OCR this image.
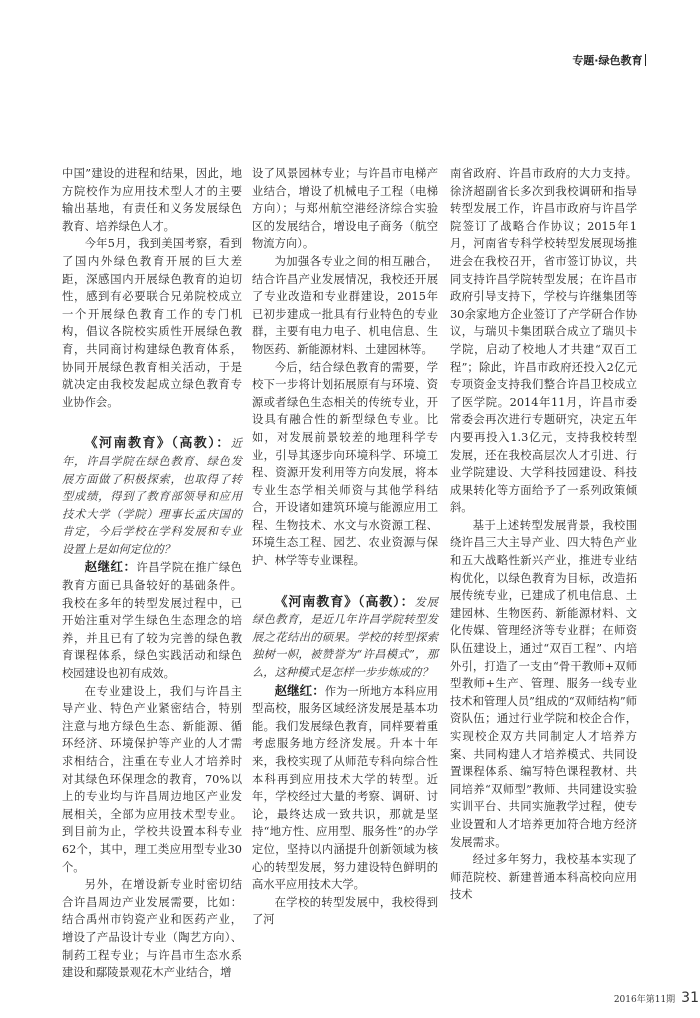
专题·绿色教育

中国”建设的进程和结果，因此，地方院校作为应用技术型人才的主要输出基地，有责任和义务发展绿色教育、培养绿色人才。

今年5月，我到美国考察，看到了国内外绿色教育开展的巨大差距，深感国内开展绿色教育的迫切性，感到有必要联合兄弟院校成立一个开展绿色教育工作的专门机构，倡议各院校实质性开展绿色教育，共同商讨构建绿色教育体系，协同开展绿色教育相关活动，于是就决定由我校发起成立绿色教育专业协作会。

《河南教育》（高教）：近年，许昌学院在绿色教育、绿色发展方面做了积极探索，也取得了转型成绩，得到了教育部领导和应用技术大学（学院）理事长孟庆国的肯定，今后学校在学科发展和专业设置上是如何定位的？

赵继红：许昌学院在推广绿色教育方面已具备较好的基础条件。我校在多年的转型发展过程中，已开始注重对学生绿色生态理念的培养，并且已有了较为完善的绿色教育课程体系，绿色实践活动和绿色校园建设也初有成效。

在专业建设上，我们与许昌主导产业、特色产业紧密结合，特别注意与地方绿色生态、新能源、循环经济、环境保护等产业的人才需求相结合，注重在专业人才培养时对其绿色环保理念的教育，70%以上的专业均与许昌周边地区产业发展相关，全部为应用技术型专业。到目前为止，学校共设置本科专业62个，其中，理工类应用型专业30个。

另外，在增设新专业时密切结合许昌周边产业发展需要，比如：结合禹州市钧瓷产业和医药产业，增设了产品设计专业（陶艺方向）、制药工程专业；与许昌市生态水系建设和鄢陵景观花木产业结合，增

设了风景园林专业；与许昌市电梯产业结合，增设了机械电子工程（电梯方向）；与郑州航空港经济综合实验区的发展结合，增设电子商务（航空物流方向）。

为加强各专业之间的相互融合，结合许昌产业发展情况，我校还开展了专业改造和专业群建设，2015年已初步建成一批具有行业特色的专业群，主要有电力电子、机电信息、生物医药、新能源材料、土建园林等。

今后，结合绿色教育的需要，学校下一步将计划拓展原有与环境、资源或者绿色生态相关的传统专业，开设具有融合性的新型绿色专业。比如，对发展前景较差的地理科学专业，引导其逐步向环境科学、环境工程、资源开发利用等方向发展，将本专业生态学相关师资与其他学科结合，开设诸如建筑环境与能源应用工程、生物技术、水文与水资源工程、环境生态工程、园艺、农业资源与保护、林学等专业课程。

《河南教育》（高教）：发展绿色教育，是近几年许昌学院转型发展之花结出的硕果。学校的转型探索独树一帜，被赞誉为“许昌模式”，那么，这种模式是怎样一步步炼成的？

赵继红：作为一所地方本科应用型高校，服务区域经济发展是基本功能。我们发展绿色教育，同样要着重考虑服务地方经济发展。升本十年来，我校实现了从师范专科向综合性本科再到应用技术大学的转型。近年，学校经过大量的考察、调研、讨论，最终达成一致共识，那就是坚持“地方性、应用型、服务性”的办学定位，坚持以内涵提升创新领域为核心的转型发展，努力建设特色鲜明的高水平应用技术大学。

在学校的转型发展中，我校得到了河

南省政府、许昌市政府的大力支持。徐济超副省长多次到我校调研和指导转型发展工作，许昌市政府与许昌学院签订了战略合作协议；2015年1月，河南省专科学校转型发展现场推进会在我校召开，省市签订协议，共同支持许昌学院转型发展；在许昌市政府引导支持下，学校与许继集团等30余家地方企业签订了产学研合作协议，与瑞贝卡集团联合成立了瑞贝卡学院，启动了校地人才共建“双百工程”；除此，许昌市政府还投入2亿元专项资金支持我们整合许昌卫校成立了医学院。2014年11月，许昌市委常委会再次进行专题研究，决定五年内要再投入1.3亿元，支持我校转型发展，还在我校高层次人才引进、行业学院建设、大学科技园建设、科技成果转化等方面给予了一系列政策倾斜。

基于上述转型发展背景，我校围绕许昌三大主导产业、四大特色产业和五大战略性新兴产业，推进专业结构优化，以绿色教育为目标，改造拓展传统专业，已建成了机电信息、土建园林、生物医药、新能源材料、文化传媒、管理经济等专业群；在师资队伍建设上，通过“双百工程”、内培外引，打造了一支由“骨干教师+双师型教师+生产、管理、服务一线专业技术和管理人员”组成的“双师结构”师资队伍；通过行业学院和校企合作，实现校企双方共同制定人才培养方案、共同构建人才培养模式、共同设置课程体系、编写特色课程教材、共同培养“双师型”教师、共同建设实验实训平台、共同实施教学过程，使专业设置和人才培养更加符合地方经济发展需求。

经过多年努力，我校基本实现了师范院校、新建普通本科高校向应用技术

2016年第11期 31
